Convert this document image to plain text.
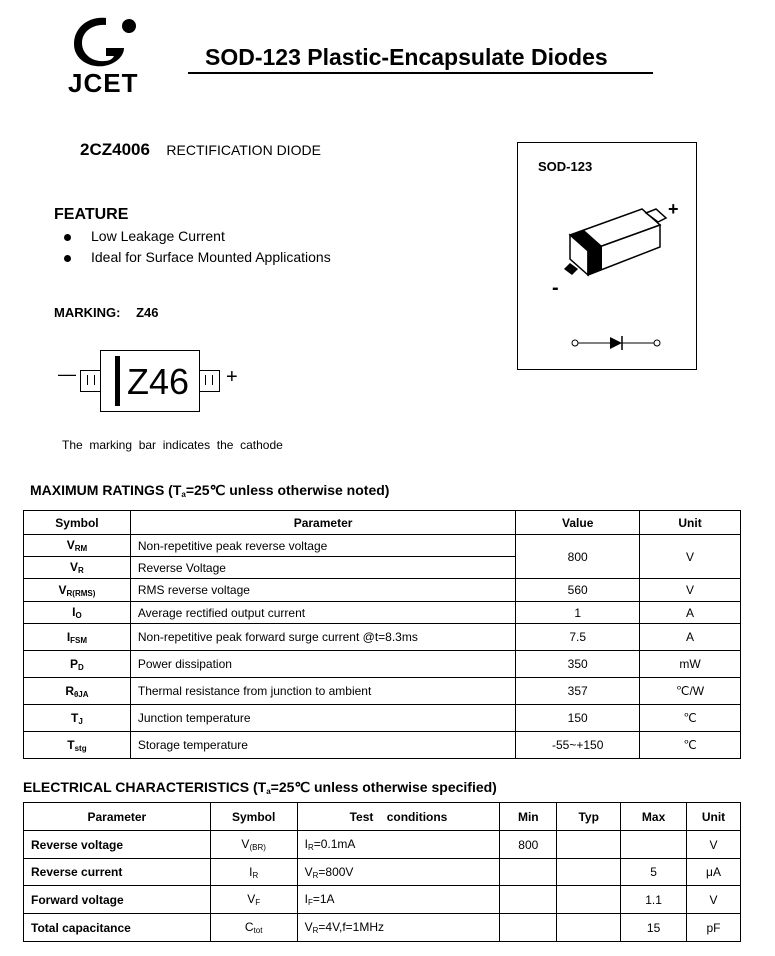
JCET
SOD-123 Plastic-Encapsulate Diodes
2CZ4006 RECTIFICATION DIODE
FEATURE
Low Leakage Current
Ideal for Surface Mounted Applications
MARKING: Z46
— Z46 +
The  marking  bar  indicates  the  cathode
SOD-123
+
-
MAXIMUM RATINGS ($T_a=25℃$ unless otherwise noted)
Symbol	Parameter	Value	Unit
$V_{RM}$	Non-repetitive peak reverse voltage	800	V
$V_R$	Reverse Voltage		
$V_{R(RMS)}$	RMS reverse voltage	560	V
$I_O$	Average rectified output current	1	A
$I_{FSM}$	Non-repetitive peak forward surge current @t=8.3ms	7.5	A
$P_D$	Power dissipation	350	mW
$R_{\theta JA}$	Thermal resistance from junction to ambient	357	℃/W
$T_J$	Junction temperature	150	℃
$T_{stg}$	Storage temperature	-55~+150	℃
ELECTRICAL CHARACTERISTICS ($T_a=25℃$ unless otherwise specified)
Parameter	Symbol	Test    conditions	Min	Typ	Max	Unit
Reverse voltage	$V_{(BR)}$	$I_R=0.1mA$	800			V
Reverse current	$I_R$	$V_R=800V$			5	μA
Forward voltage	$V_F$	$I_F=1A$			1.1	V
Total capacitance	$C_{tot}$	$V_R=4V,f=1MHz$			15	pF
